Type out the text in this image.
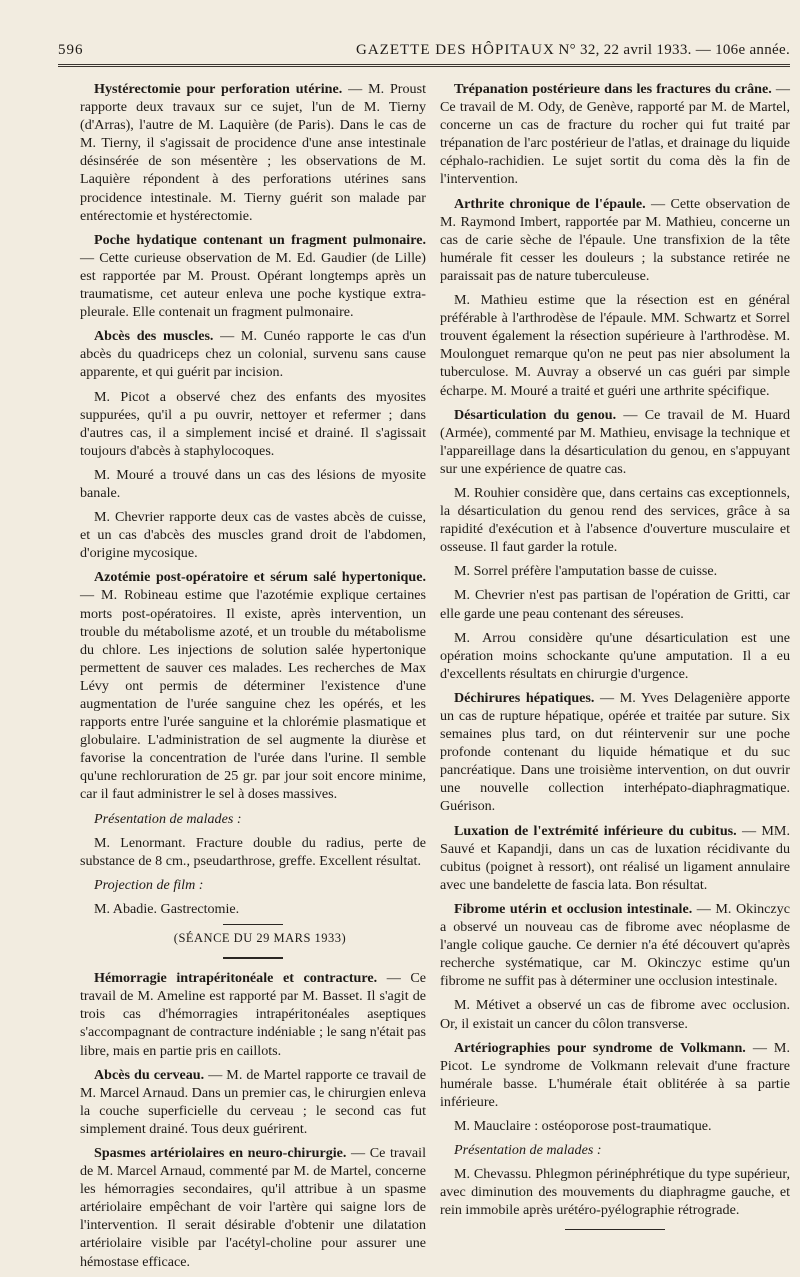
596	GAZETTE DES HÔPITAUX N° 32, 22 avril 1933. — 106e année.

Hystérectomie pour perforation utérine. — M. Proust rapporte deux travaux sur ce sujet, l'un de M. Tierny (d'Arras), l'autre de M. Laquière (de Paris). Dans le cas de M. Tierny, il s'agissait de procidence d'une anse intestinale désinsérée de son mésentère ; les observations de M. Laquière répondent à des perforations utérines sans procidence intestinale. M. Tierny guérit son malade par entérectomie et hystérectomie.

Poche hydatique contenant un fragment pulmonaire. — Cette curieuse observation de M. Ed. Gaudier (de Lille) est rapportée par M. Proust. Opérant longtemps après un traumatisme, cet auteur enleva une poche kystique extra-pleurale. Elle contenait un fragment pulmonaire.

Abcès des muscles. — M. Cunéo rapporte le cas d'un abcès du quadriceps chez un colonial, survenu sans cause apparente, et qui guérit par incision.

M. Picot a observé chez des enfants des myosites suppurées, qu'il a pu ouvrir, nettoyer et refermer ; dans d'autres cas, il a simplement incisé et drainé. Il s'agissait toujours d'abcès à staphylocoques.

M. Mouré a trouvé dans un cas des lésions de myosite banale.

M. Chevrier rapporte deux cas de vastes abcès de cuisse, et un cas d'abcès des muscles grand droit de l'abdomen, d'origine mycosique.

Azotémie post-opératoire et sérum salé hypertonique. — M. Robineau estime que l'azotémie explique certaines morts post-opératoires. Il existe, après intervention, un trouble du métabolisme azoté, et un trouble du métabolisme du chlore. Les injections de solution salée hypertonique permettent de sauver ces malades. Les recherches de Max Lévy ont permis de déterminer l'existence d'une augmentation de l'urée sanguine chez les opérés, et les rapports entre l'urée sanguine et la chlorémie plasmatique et globulaire. L'administration de sel augmente la diurèse et favorise la concentration de l'urée dans l'urine. Il semble qu'une rechloruration de 25 gr. par jour soit encore minime, car il faut administrer le sel à doses massives.

Présentation de malades :

M. Lenormant. Fracture double du radius, perte de substance de 8 cm., pseudarthrose, greffe. Excellent résultat.

Projection de film :

M. Abadie. Gastrectomie.

(SÉANCE DU 29 MARS 1933)

Hémorragie intrapéritonéale et contracture. — Ce travail de M. Ameline est rapporté par M. Basset. Il s'agit de trois cas d'hémorragies intrapéritonéales aseptiques s'accompagnant de contracture indéniable ; le sang n'était pas libre, mais en partie pris en caillots.

Abcès du cerveau. — M. de Martel rapporte ce travail de M. Marcel Arnaud. Dans un premier cas, le chirurgien enleva la couche superficielle du cerveau ; le second cas fut simplement drainé. Tous deux guérirent.

Spasmes artériolaires en neuro-chirurgie. — Ce travail de M. Marcel Arnaud, commenté par M. de Martel, concerne les hémorragies secondaires, qu'il attribue à un spasme artériolaire empêchant de voir l'artère qui saigne lors de l'intervention. Il serait désirable d'obtenir une dilatation artériolaire visible par l'acétyl-choline pour assurer une hémostase efficace.

Trépanation postérieure dans les fractures du crâne. — Ce travail de M. Ody, de Genève, rapporté par M. de Martel, concerne un cas de fracture du rocher qui fut traité par trépanation de l'arc postérieur de l'atlas, et drainage du liquide céphalo-rachidien. Le sujet sortit du coma dès la fin de l'intervention.

Arthrite chronique de l'épaule. — Cette observation de M. Raymond Imbert, rapportée par M. Mathieu, concerne un cas de carie sèche de l'épaule. Une transfixion de la tête humérale fit cesser les douleurs ; la substance retirée ne paraissait pas de nature tuberculeuse.

M. Mathieu estime que la résection est en général préférable à l'arthrodèse de l'épaule. MM. Schwartz et Sorrel trouvent également la résection supérieure à l'arthrodèse. M. Moulonguet remarque qu'on ne peut pas nier absolument la tuberculose. M. Auvray a observé un cas guéri par simple écharpe. M. Mouré a traité et guéri une arthrite spécifique.

Désarticulation du genou. — Ce travail de M. Huard (Armée), commenté par M. Mathieu, envisage la technique et l'appareillage dans la désarticulation du genou, en s'appuyant sur une expérience de quatre cas.

M. Rouhier considère que, dans certains cas exceptionnels, la désarticulation du genou rend des services, grâce à sa rapidité d'exécution et à l'absence d'ouverture musculaire et osseuse. Il faut garder la rotule.

M. Sorrel préfère l'amputation basse de cuisse.

M. Chevrier n'est pas partisan de l'opération de Gritti, car elle garde une peau contenant des séreuses.

M. Arrou considère qu'une désarticulation est une opération moins schockante qu'une amputation. Il a eu d'excellents résultats en chirurgie d'urgence.

Déchirures hépatiques. — M. Yves Delagenière apporte un cas de rupture hépatique, opérée et traitée par suture. Six semaines plus tard, on dut réintervenir sur une poche profonde contenant du liquide hématique et du suc pancréatique. Dans une troisième intervention, on dut ouvrir une nouvelle collection interhépato-diaphragmatique. Guérison.

Luxation de l'extrémité inférieure du cubitus. — MM. Sauvé et Kapandji, dans un cas de luxation récidivante du cubitus (poignet à ressort), ont réalisé un ligament annulaire avec une bandelette de fascia lata. Bon résultat.

Fibrome utérin et occlusion intestinale. — M. Okinczyc a observé un nouveau cas de fibrome avec néoplasme de l'angle colique gauche. Ce dernier n'a été découvert qu'après recherche systématique, car M. Okinczyc estime qu'un fibrome ne suffit pas à déterminer une occlusion intestinale.

M. Métivet a observé un cas de fibrome avec occlusion. Or, il existait un cancer du côlon transverse.

Artériographies pour syndrome de Volkmann. — M. Picot. Le syndrome de Volkmann relevait d'une fracture humérale basse. L'humérale était oblitérée à sa partie inférieure.

M. Mauclaire : ostéoporose post-traumatique.

Présentation de malades :

M. Chevassu. Phlegmon périnéphrétique du type supérieur, avec diminution des mouvements du diaphragme gauche, et rein immobile après urétéro-pyélographie rétrograde.
